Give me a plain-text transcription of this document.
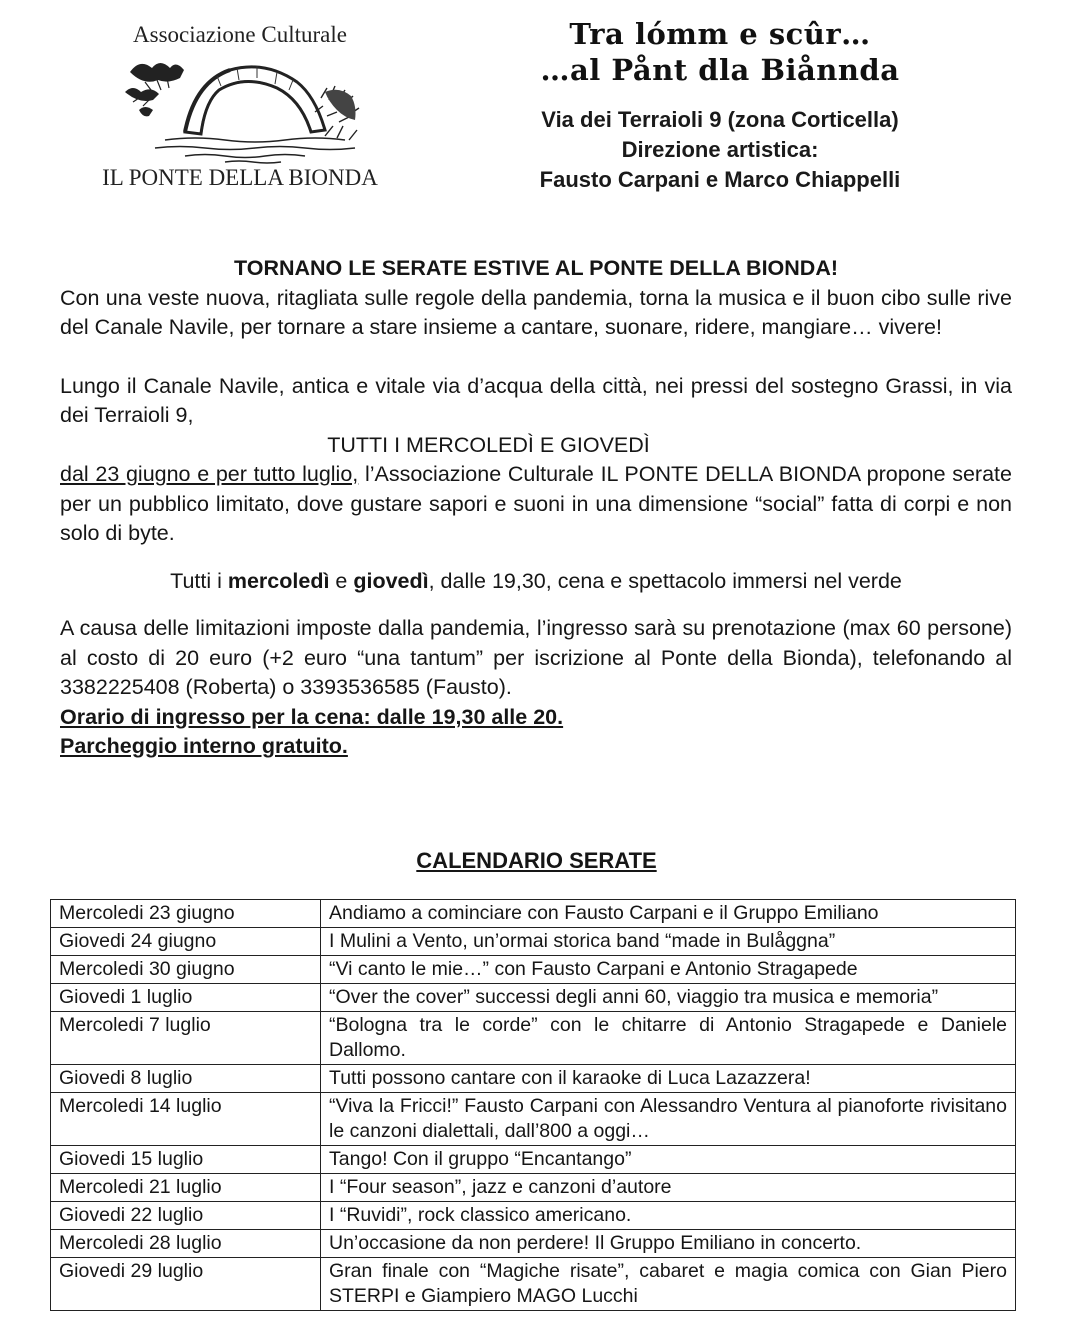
Associazione Culturale
IL PONTE DELLA BIONDA
Tra lómm e scûr…
…al Pånt dla Biånnda
Via dei Terraioli 9 (zona Corticella)
Direzione artistica:
Fausto Carpani e Marco Chiappelli

TORNANO LE SERATE ESTIVE AL PONTE DELLA BIONDA!

Con una veste nuova, ritagliata sulle regole della pandemia, torna la musica e il buon cibo sulle rive del Canale Navile, per tornare a stare insieme a cantare, suonare, ridere, mangiare… vivere!

Lungo il Canale Navile, antica e vitale via d’acqua della città, nei pressi del sostegno Grassi, in via dei Terraioli 9,

TUTTI I MERCOLEDÌ E GIOVEDÌ

dal 23 giugno e per tutto luglio, l’Associazione Culturale IL PONTE DELLA BIONDA propone serate per un pubblico limitato, dove gustare sapori e suoni in una dimensione “social” fatta di corpi e non solo di byte.

Tutti i mercoledì e giovedì, dalle 19,30, cena e spettacolo immersi nel verde

A causa delle limitazioni imposte dalla pandemia, l’ingresso sarà su prenotazione (max 60 persone) al costo di 20 euro (+2 euro “una tantum” per iscrizione al Ponte della Bionda), telefonando al 3382225408 (Roberta) o 3393536585 (Fausto).

Orario di ingresso per la cena: dalle 19,30 alle 20.

Parcheggio interno gratuito.

CALENDARIO SERATE
Mercoledi 23 giugno	Andiamo a cominciare con Fausto Carpani e il Gruppo Emiliano
Giovedi 24 giugno	I Mulini a Vento, un’ormai storica band “made in Bulåggna”
Mercoledi 30 giugno	“Vi canto le mie…” con Fausto Carpani e Antonio Stragapede
Giovedi 1 luglio	“Over the cover” successi degli anni 60, viaggio tra musica e memoria”
Mercoledi 7 luglio	“Bologna tra le corde” con le chitarre di Antonio Stragapede e Daniele Dallomo.
Giovedi 8 luglio	Tutti possono cantare con il karaoke di Luca Lazazzera!
Mercoledi 14 luglio	“Viva la Fricci!” Fausto Carpani con Alessandro Ventura al pianoforte rivisitano le canzoni dialettali, dall’800 a oggi…
Giovedi 15 luglio	Tango! Con il gruppo “Encantango”
Mercoledi 21 luglio	I “Four season”, jazz e canzoni d’autore
Giovedi 22 luglio	I “Ruvidi”, rock classico americano.
Mercoledi 28 luglio	Un’occasione da non perdere! Il Gruppo Emiliano in concerto.
Giovedi 29 luglio	Gran finale con “Magiche risate”, cabaret e magia comica con Gian Piero STERPI e Giampiero MAGO Lucchi
